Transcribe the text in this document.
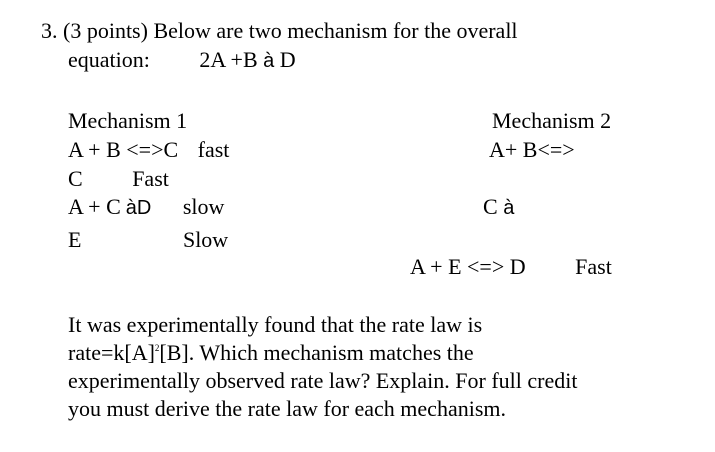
3. (3 points) Below are two mechanism for the overall
equation: 2A +B à D
Mechanism 1
A + B <=>C fast
C Fast
A + C àD slow
E	Slow
Mechanism 2
A+ B<=>
C à
A + E <=> D Fast
It was experimentally found that the rate law is
$rate=k[A]^2[B]$. Which mechanism matches the
experimentally observed rate law? Explain. For full credit
you must derive the rate law for each mechanism.
